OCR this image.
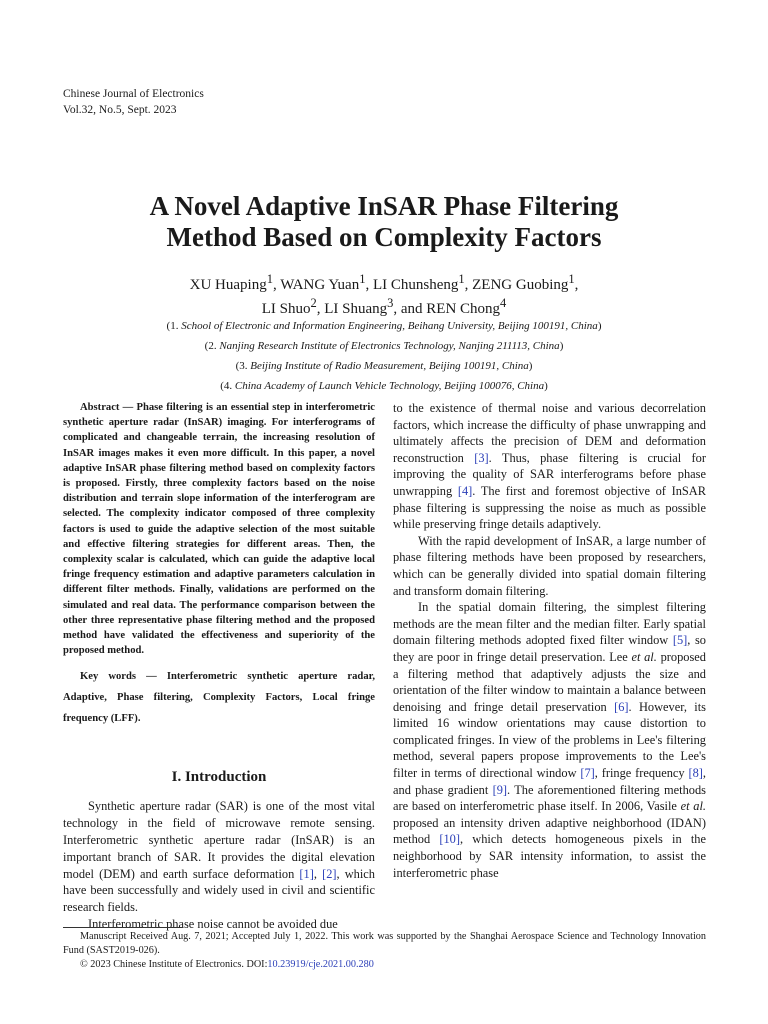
Chinese Journal of Electronics
Vol.32, No.5, Sept. 2023
A Novel Adaptive InSAR Phase Filtering
Method Based on Complexity Factors
XU Huaping$^1$, WANG Yuan$^1$, LI Chunsheng$^1$, ZENG Guobing$^1$,
LI Shuo$^2$, LI Shuang$^3$, and REN Chong$^4$
(1. School of Electronic and Information Engineering, Beihang University, Beijing 100191, China)
(2. Nanjing Research Institute of Electronics Technology, Nanjing 211113, China)
(3. Beijing Institute of Radio Measurement, Beijing 100191, China)
(4. China Academy of Launch Vehicle Technology, Beijing 100076, China)

Abstract — Phase filtering is an essential step in interferometric synthetic aperture radar (InSAR) imaging. For interferograms of complicated and changeable terrain, the increasing resolution of InSAR images makes it even more difficult. In this paper, a novel adaptive InSAR phase filtering method based on complexity factors is proposed. Firstly, three complexity factors based on the noise distribution and terrain slope information of the interferogram are selected. The complexity indicator composed of three complexity factors is used to guide the adaptive selection of the most suitable and effective filtering strategies for different areas. Then, the complexity scalar is calculated, which can guide the adaptive local fringe frequency estimation and adaptive parameters calculation in different filter methods. Finally, validations are performed on the simulated and real data. The performance comparison between the other three representative phase filtering method and the proposed method have validated the effectiveness and superiority of the proposed method.

Key words — Interferometric synthetic aperture radar, Adaptive, Phase filtering, Complexity Factors, Local fringe frequency (LFF).

I. Introduction

Synthetic aperture radar (SAR) is one of the most vital technology in the field of microwave remote sensing. Interferometric synthetic aperture radar (InSAR) is an important branch of SAR. It provides the digital elevation model (DEM) and earth surface deformation [1], [2], which have been successfully and widely used in civil and scientific research fields.

Interferometric phase noise cannot be avoided due

to the existence of thermal noise and various decorrelation factors, which increase the difficulty of phase unwrapping and ultimately affects the precision of DEM and deformation reconstruction [3]. Thus, phase filtering is crucial for improving the quality of SAR interferograms before phase unwrapping [4]. The first and foremost objective of InSAR phase filtering is suppressing the noise as much as possible while preserving fringe details adaptively.

With the rapid development of InSAR, a large number of phase filtering methods have been proposed by researchers, which can be generally divided into spatial domain filtering and transform domain filtering.

In the spatial domain filtering, the simplest filtering methods are the mean filter and the median filter. Early spatial domain filtering methods adopted fixed filter window [5], so they are poor in fringe detail preservation. Lee et al. proposed a filtering method that adaptively adjusts the size and orientation of the filter window to maintain a balance between denoising and fringe detail preservation [6]. However, its limited 16 window orientations may cause distortion to complicated fringes. In view of the problems in Lee's filtering method, several papers propose improvements to the Lee's filter in terms of directional window [7], fringe frequency [8], and phase gradient [9]. The aforementioned filtering methods are based on interferometric phase itself. In 2006, Vasile et al. proposed an intensity driven adaptive neighborhood (IDAN) method [10], which detects homogeneous pixels in the neighborhood by SAR intensity information, to assist the interferometric phase

Manuscript Received Aug. 7, 2021; Accepted July 1, 2022. This work was supported by the Shanghai Aerospace Science and Technology Innovation Fund (SAST2019-026).

© 2023 Chinese Institute of Electronics. DOI:10.23919/cje.2021.00.280
